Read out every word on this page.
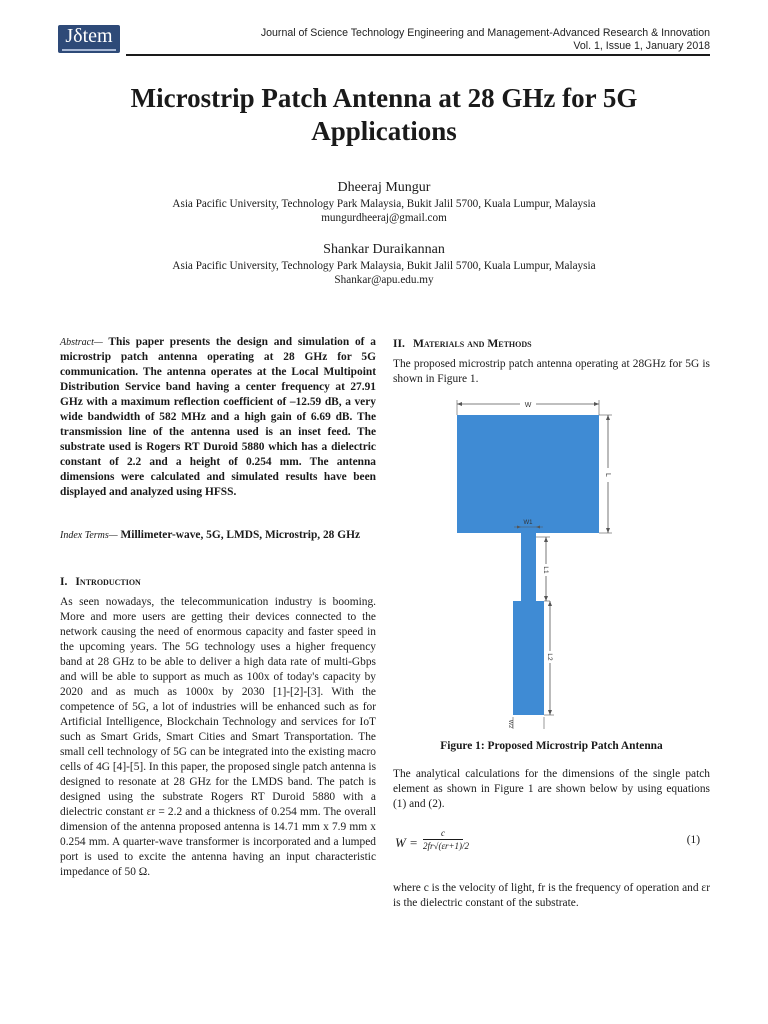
Jδtem	Journal of Science Technology Engineering and Management-Advanced Research & Innovation
Vol. 1, Issue 1, January 2018
Microstrip Patch Antenna at 28 GHz for 5G
Applications
Dheeraj Mungur
Asia Pacific University, Technology Park Malaysia, Bukit Jalil 5700, Kuala Lumpur, Malaysia
mungurdheeraj@gmail.com
Shankar Duraikannan
Asia Pacific University, Technology Park Malaysia, Bukit Jalil 5700, Kuala Lumpur, Malaysia
Shankar@apu.edu.my
Abstract— This paper presents the design and simulation of a microstrip patch antenna operating at 28 GHz for 5G communication. The antenna operates at the Local Multipoint Distribution Service band having a center frequency at 27.91 GHz with a maximum reflection coefficient of –12.59 dB, a very wide bandwidth of 582 MHz and a high gain of 6.69 dB. The transmission line of the antenna used is an inset feed. The substrate used is Rogers RT Duroid 5880 which has a dielectric constant of 2.2 and a height of 0.254 mm. The antenna dimensions were calculated and simulated results have been displayed and analyzed using HFSS.
Index Terms— Millimeter-wave, 5G, LMDS, Microstrip, 28 GHz
I. Introduction
As seen nowadays, the telecommunication industry is booming. More and more users are getting their devices connected to the network causing the need of enormous capacity and faster speed in the upcoming years. The 5G technology uses a higher frequency band at 28 GHz to be able to deliver a high data rate of multi-Gbps and will be able to support as much as 100x of today's capacity by 2020 and as much as 1000x by 2030 [1]-[2]-[3]. With the competence of 5G, a lot of industries will be enhanced such as for Artificial Intelligence, Blockchain Technology and services for IoT such as Smart Grids, Smart Cities and Smart Transportation. The small cell technology of 5G can be integrated into the existing macro cells of 4G [4]-[5]. In this paper, the proposed single patch antenna is designed to resonate at 28 GHz for the LMDS band. The patch is designed using the substrate Rogers RT Duroid 5880 with a dielectric constant εr = 2.2 and a thickness of 0.254 mm. The overall dimension of the antenna proposed antenna is 14.71 mm x 7.9 mm x 0.254 mm. A quarter-wave transformer is incorporated and a lumped port is used to excite the antenna having an input characteristic impedance of 50 Ω.
II. Materials and Methods
The proposed microstrip patch antenna operating at 28GHz for 5G is shown in Figure 1.
W
L
W1
L1
L2
W2
Figure 1: Proposed Microstrip Patch Antenna
The analytical calculations for the dimensions of the single patch element as shown in Figure 1 are shown below by using equations (1) and (2).
$W = \frac{c}{2fr√(\varepsilon r+1)/2}$	(1)
where c is the velocity of light, fr is the frequency of operation and εr is the dielectric constant of the substrate.
